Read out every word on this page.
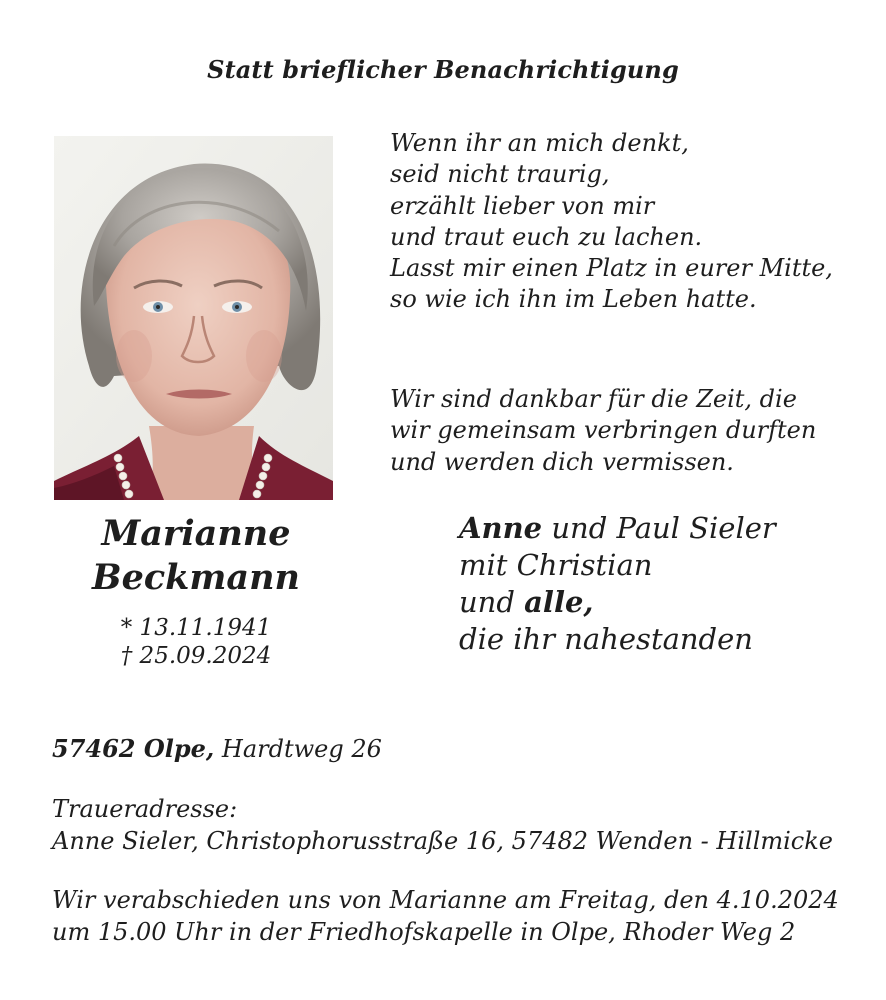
Statt brieflicher Benachrichtigung
Wenn ihr an mich denkt,
seid nicht traurig,
erzählt lieber von mir
und traut euch zu lachen.
Lasst mir einen Platz in eurer Mitte,
so wie ich ihn im Leben hatte.
Wir sind dankbar für die Zeit, die
wir gemeinsam verbringen durften
und werden dich vermissen.
Marianne
Beckmann
* 13.11.1941
† 25.09.2024
Anne und Paul Sieler
mit Christian
und alle,
die ihr nahestanden
57462 Olpe, Hardtweg 26
Traueradresse:
Anne Sieler, Christophorusstraße 16, 57482 Wenden - Hillmicke
Wir verabschieden uns von Marianne am Freitag, den 4.10.2024
um 15.00 Uhr in der Friedhofskapelle in Olpe, Rhoder Weg 2
